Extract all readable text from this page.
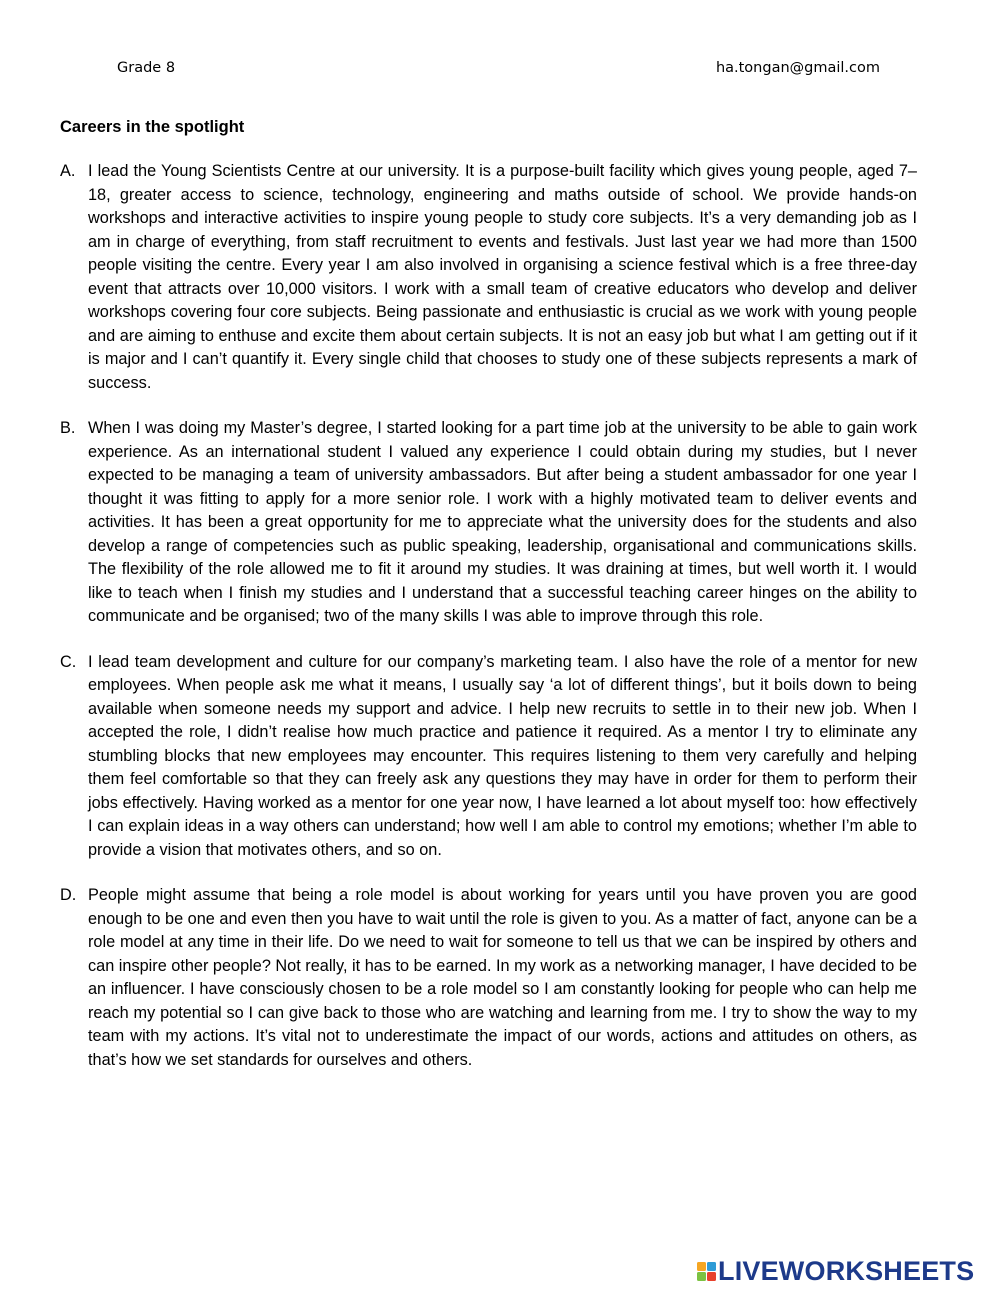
Grade 8	ha.tongan@gmail.com
Careers in the spotlight
A. I lead the Young Scientists Centre at our university. It is a purpose-built facility which gives young people, aged 7–18, greater access to science, technology, engineering and maths outside of school. We provide hands-on workshops and interactive activities to inspire young people to study core subjects. It’s a very demanding job as I am in charge of everything, from staff recruitment to events and festivals. Just last year we had more than 1500 people visiting the centre. Every year I am also involved in organising a science festival which is a free three-day event that attracts over 10,000 visitors. I work with a small team of creative educators who develop and deliver workshops covering four core subjects. Being passionate and enthusiastic is crucial as we work with young people and are aiming to enthuse and excite them about certain subjects. It is not an easy job but what I am getting out if it is major and I can’t quantify it. Every single child that chooses to study one of these subjects represents a mark of success.
B. When I was doing my Master’s degree, I started looking for a part time job at the university to be able to gain work experience. As an international student I valued any experience I could obtain during my studies, but I never expected to be managing a team of university ambassadors. But after being a student ambassador for one year I thought it was fitting to apply for a more senior role. I work with a highly motivated team to deliver events and activities. It has been a great opportunity for me to appreciate what the university does for the students and also develop a range of competencies such as public speaking, leadership, organisational and communications skills. The flexibility of the role allowed me to fit it around my studies. It was draining at times, but well worth it. I would like to teach when I finish my studies and I understand that a successful teaching career hinges on the ability to communicate and be organised; two of the many skills I was able to improve through this role.
C. I lead team development and culture for our company’s marketing team. I also have the role of a mentor for new employees. When people ask me what it means, I usually say ‘a lot of different things’, but it boils down to being available when someone needs my support and advice. I help new recruits to settle in to their new job. When I accepted the role, I didn’t realise how much practice and patience it required. As a mentor I try to eliminate any stumbling blocks that new employees may encounter. This requires listening to them very carefully and helping them feel comfortable so that they can freely ask any questions they may have in order for them to perform their jobs effectively. Having worked as a mentor for one year now, I have learned a lot about myself too: how effectively I can explain ideas in a way others can understand; how well I am able to control my emotions; whether I’m able to provide a vision that motivates others, and so on.
D. People might assume that being a role model is about working for years until you have proven you are good enough to be one and even then you have to wait until the role is given to you. As a matter of fact, anyone can be a role model at any time in their life. Do we need to wait for someone to tell us that we can be inspired by others and can inspire other people? Not really, it has to be earned. In my work as a networking manager, I have decided to be an influencer. I have consciously chosen to be a role model so I am constantly looking for people who can help me reach my potential so I can give back to those who are watching and learning from me. I try to show the way to my team with my actions. It’s vital not to underestimate the impact of our words, actions and attitudes on others, as that’s how we set standards for ourselves and others.
LIVEWORKSHEETS
